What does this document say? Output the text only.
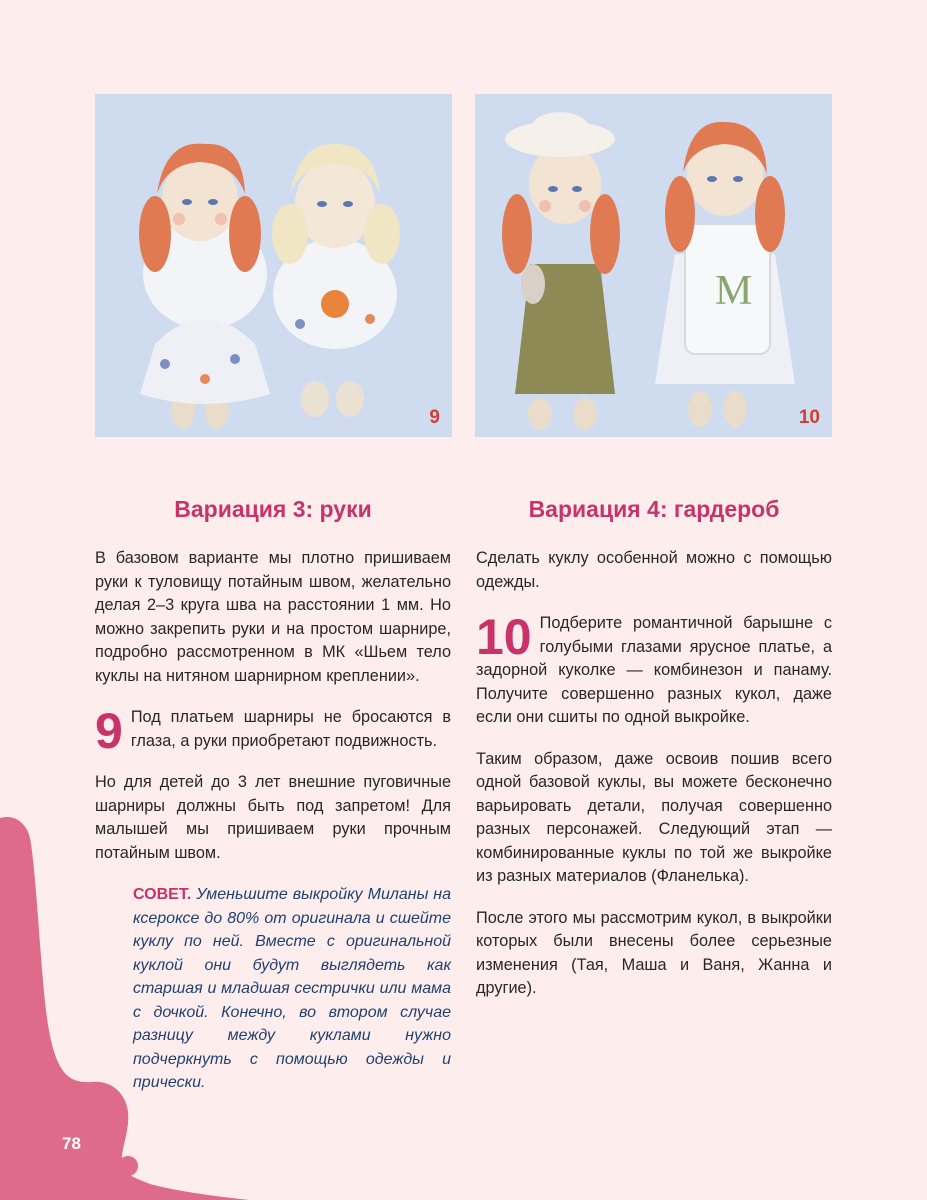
9
M
10
Вариация 3: руки

В базовом варианте мы плотно пришиваем руки к туловищу потайным швом, желательно делая 2–3 круга шва на расстоянии 1 мм. Но можно закрепить руки и на простом шарнире, подробно рассмотренном в МК «Шьем тело куклы на нитяном шарнирном креплении».

9 Под платьем шарниры не бросаются в глаза, а руки приобретают подвижность.

Но для детей до 3 лет внешние пуговичные шарниры должны быть под запретом! Для малышей мы пришиваем руки прочным потайным швом.

СОВЕТ. Уменьшите выкройку Миланы на ксероксе до 80% от оригинала и сшейте куклу по ней. Вместе с оригинальной куклой они будут выглядеть как старшая и младшая сестрички или мама с дочкой. Конечно, во втором случае разницу между куклами нужно подчеркнуть с помощью одежды и прически.
Вариация 4: гардероб

Сделать куклу особенной можно с помощью одежды.

10 Подберите романтичной барышне с голубыми глазами ярусное платье, а задорной куколке — комбинезон и панаму. Получите совершенно разных кукол, даже если они сшиты по одной выкройке.

Таким образом, даже освоив пошив всего одной базовой куклы, вы можете бесконечно варьировать детали, получая совершенно разных персонажей. Следующий этап — комбинированные куклы по той же выкройке из разных материалов (Фланелька).

После этого мы рассмотрим кукол, в выкройки которых были внесены более серьезные изменения (Тая, Маша и Ваня, Жанна и другие).

78
